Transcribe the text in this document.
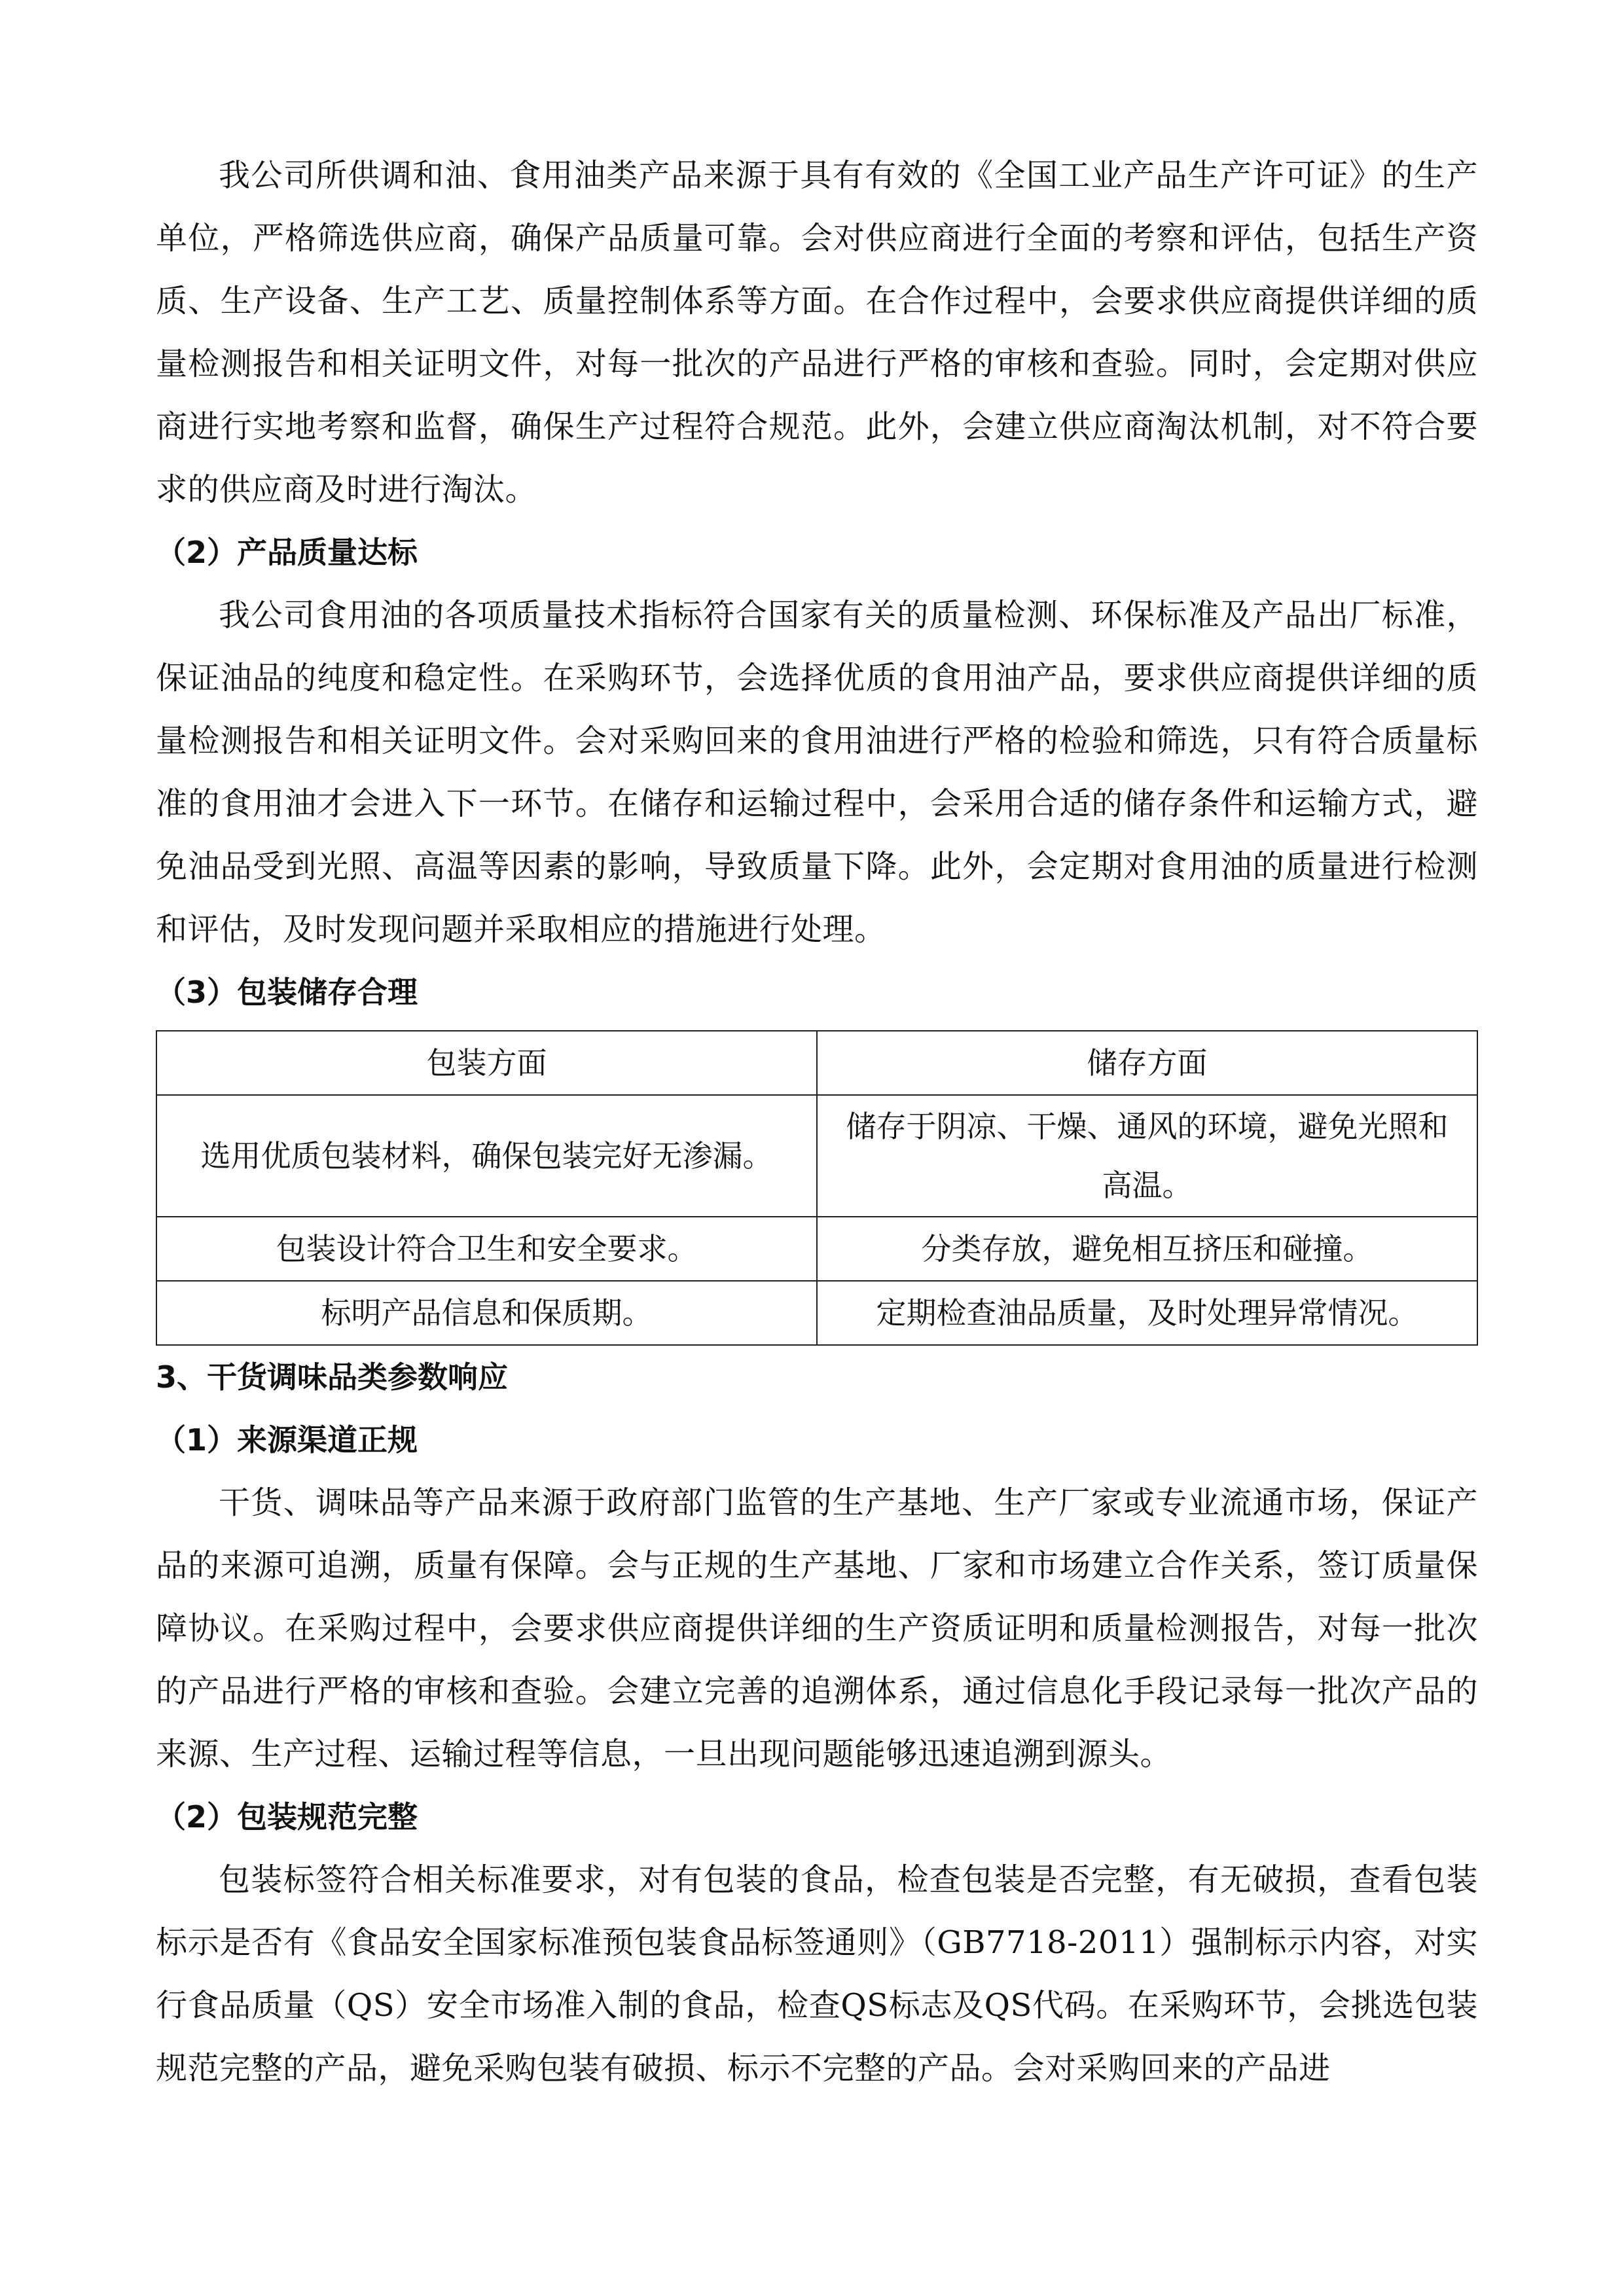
我公司所供调和油、食用油类产品来源于具有有效的《全国工业产品生产许可证》的生产单位，严格筛选供应商，确保产品质量可靠。会对供应商进行全面的考察和评估，包括生产资质、生产设备、生产工艺、质量控制体系等方面。在合作过程中，会要求供应商提供详细的质量检测报告和相关证明文件，对每一批次的产品进行严格的审核和查验。同时，会定期对供应商进行实地考察和监督，确保生产过程符合规范。此外，会建立供应商淘汰机制，对不符合要求的供应商及时进行淘汰。

（2）产品质量达标

我公司食用油的各项质量技术指标符合国家有关的质量检测、环保标准及产品出厂标准，保证油品的纯度和稳定性。在采购环节，会选择优质的食用油产品，要求供应商提供详细的质量检测报告和相关证明文件。会对采购回来的食用油进行严格的检验和筛选，只有符合质量标准的食用油才会进入下一环节。在储存和运输过程中，会采用合适的储存条件和运输方式，避免油品受到光照、高温等因素的影响，导致质量下降。此外，会定期对食用油的质量进行检测和评估，及时发现问题并采取相应的措施进行处理。

（3）包装储存合理

包装方面	储存方面
选用优质包装材料，确保包装完好无渗漏。	储存于阴凉、干燥、通风的环境，避免光照和高温。
包装设计符合卫生和安全要求。	分类存放，避免相互挤压和碰撞。
标明产品信息和保质期。	定期检查油品质量，及时处理异常情况。

3、干货调味品类参数响应

（1）来源渠道正规

干货、调味品等产品来源于政府部门监管的生产基地、生产厂家或专业流通市场，保证产品的来源可追溯，质量有保障。会与正规的生产基地、厂家和市场建立合作关系，签订质量保障协议。在采购过程中，会要求供应商提供详细的生产资质证明和质量检测报告，对每一批次的产品进行严格的审核和查验。会建立完善的追溯体系，通过信息化手段记录每一批次产品的来源、生产过程、运输过程等信息，一旦出现问题能够迅速追溯到源头。

（2）包装规范完整

包装标签符合相关标准要求，对有包装的食品，检查包装是否完整，有无破损，查看包装标示是否有《食品安全国家标准预包装食品标签通则》（GB7718-2011）强制标示内容，对实行食品质量（QS）安全市场准入制的食品，检查QS标志及QS代码。在采购环节，会挑选包装规范完整的产品，避免采购包装有破损、标示不完整的产品。会对采购回来的产品进
